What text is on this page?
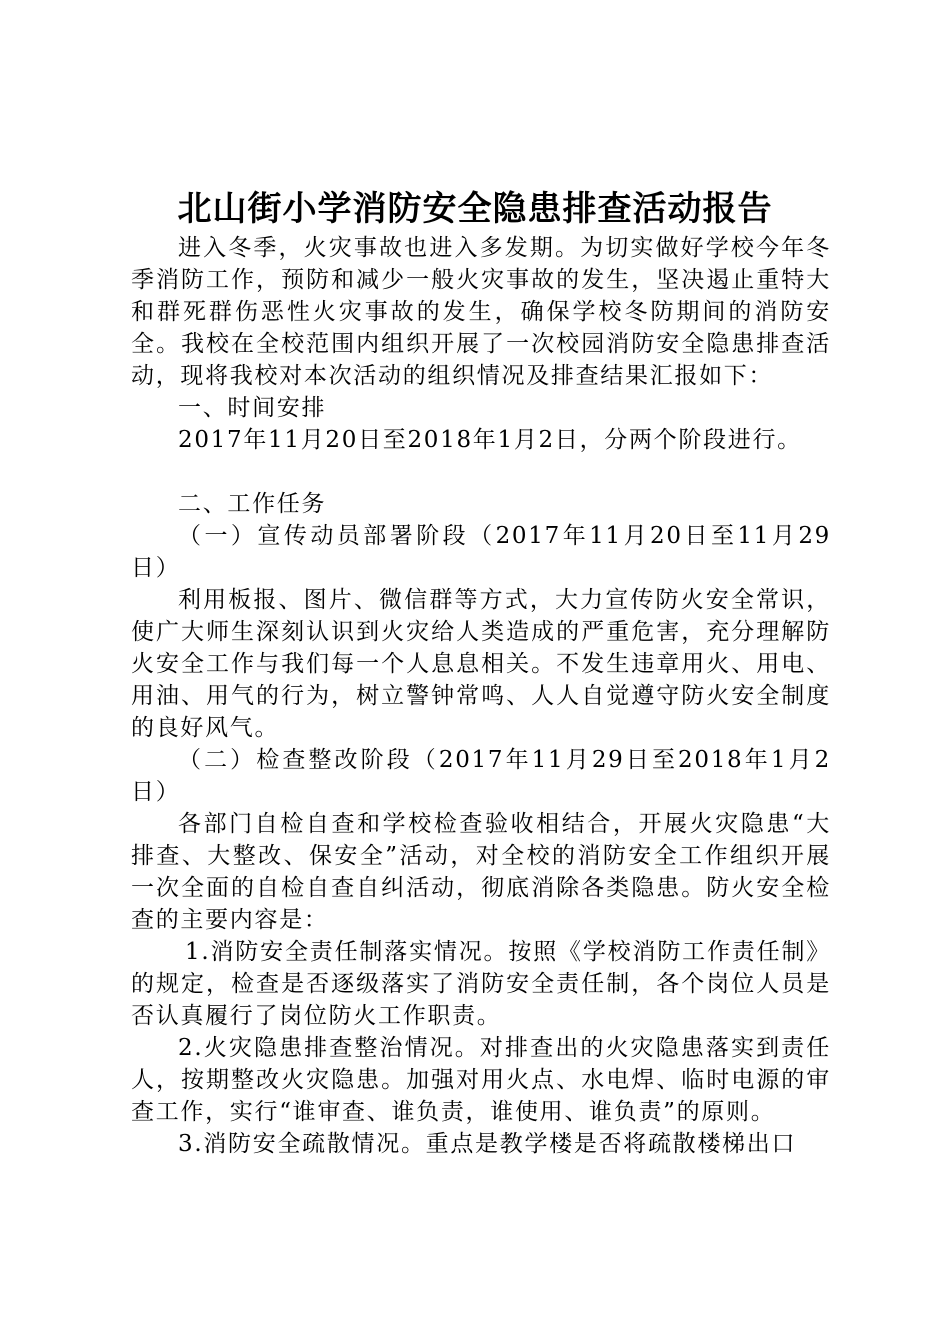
北山街小学消防安全隐患排查活动报告

进入冬季，火灾事故也进入多发期。为切实做好学校今年冬季消防工作，预防和减少一般火灾事故的发生，坚决遏止重特大和群死群伤恶性火灾事故的发生，确保学校冬防期间的消防安全。我校在全校范围内组织开展了一次校园消防安全隐患排查活动，现将我校对本次活动的组织情况及排查结果汇报如下：

一、时间安排

2017年11月20日至2018年1月2日，分两个阶段进行。

二、工作任务

（一）宣传动员部署阶段（2017年11月20日至11月29日）

利用板报、图片、微信群等方式，大力宣传防火安全常识，使广大师生深刻认识到火灾给人类造成的严重危害，充分理解防火安全工作与我们每一个人息息相关。不发生违章用火、用电、用油、用气的行为，树立警钟常鸣、人人自觉遵守防火安全制度的良好风气。

（二）检查整改阶段（2017年11月29日至2018年1月2日）

各部门自检自查和学校检查验收相结合，开展火灾隐患“大排查、大整改、保安全”活动，对全校的消防安全工作组织开展一次全面的自检自查自纠活动，彻底消除各类隐患。防火安全检查的主要内容是：

1.消防安全责任制落实情况。按照《学校消防工作责任制》的规定，检查是否逐级落实了消防安全责任制，各个岗位人员是否认真履行了岗位防火工作职责。

2.火灾隐患排查整治情况。对排查出的火灾隐患落实到责任人，按期整改火灾隐患。加强对用火点、水电焊、临时电源的审查工作，实行“谁审查、谁负责，谁使用、谁负责”的原则。

3.消防安全疏散情况。重点是教学楼是否将疏散楼梯出口
